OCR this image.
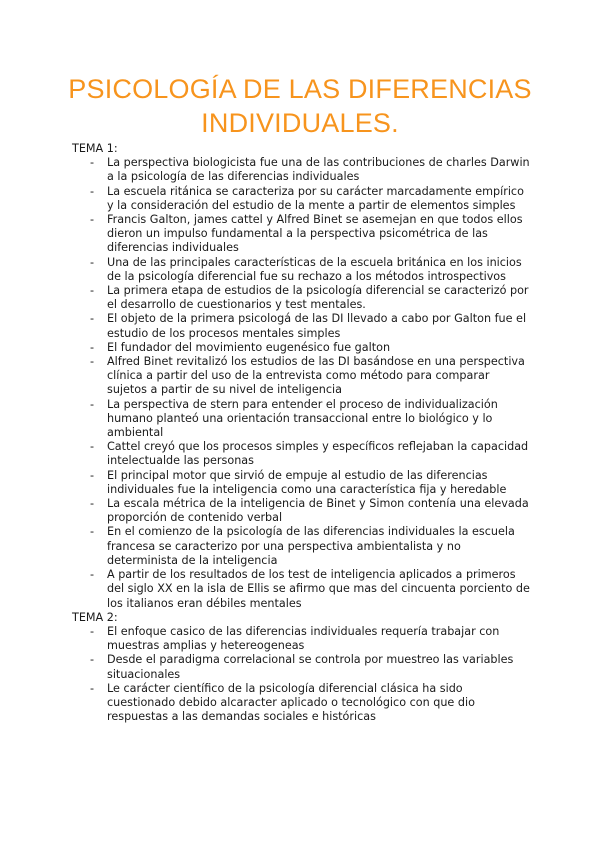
PSICOLOGÍA DE LAS DIFERENCIAS
INDIVIDUALES.
TEMA 1:
- La perspectiva biologicista fue una de las contribuciones de charles Darwin a la psicología de las diferencias individuales
- La escuela ritánica se caracteriza por su carácter marcadamente empírico y la consideración del estudio de la mente a partir de elementos simples
- Francis Galton, james cattel y Alfred Binet se asemejan en que todos ellos dieron un impulso fundamental a la perspectiva psicométrica de las diferencias individuales
- Una de las principales características de la escuela británica en los inicios de la psicología diferencial fue su rechazo a los métodos introspectivos
- La primera etapa de estudios de la psicología diferencial se caracterizó por el desarrollo de cuestionarios y test mentales.
- El objeto de la primera psicologá de las DI llevado a cabo por Galton fue el estudio de los procesos mentales simples
- El fundador del movimiento eugenésico fue galton
- Alfred Binet revitalizó los estudios de las DI basándose en una perspectiva clínica a partir del uso de la entrevista como método para comparar sujetos a partir de su nivel de inteligencia
- La perspectiva de stern para entender el proceso de individualización humano planteó una orientación transaccional entre lo biológico y lo ambiental
- Cattel creyó que los procesos simples y específicos reflejaban la capacidad intelectualde las personas
- El principal motor que sirvió de empuje al estudio de las diferencias individuales fue la inteligencia como una característica fija y heredable
- La escala métrica de la inteligencia de Binet y Simon contenía una elevada proporción de contenido verbal
- En el comienzo de la psicología de las diferencias individuales la escuela francesa se caracterizo por una perspectiva ambientalista y no determinista de la inteligencia
- A partir de los resultados de los test de inteligencia aplicados a primeros del siglo XX en la isla de Ellis se afirmo que mas del cincuenta porciento de los italianos eran débiles mentales
TEMA 2:
- El enfoque casico de las diferencias individuales requería trabajar con muestras amplias y hetereogeneas
- Desde el paradigma correlacional se controla por muestreo las variables situacionales
- Le carácter científico de la psicología diferencial clásica ha sido cuestionado debido alcaracter aplicado o tecnológico con que dio respuestas a las demandas sociales e históricas
